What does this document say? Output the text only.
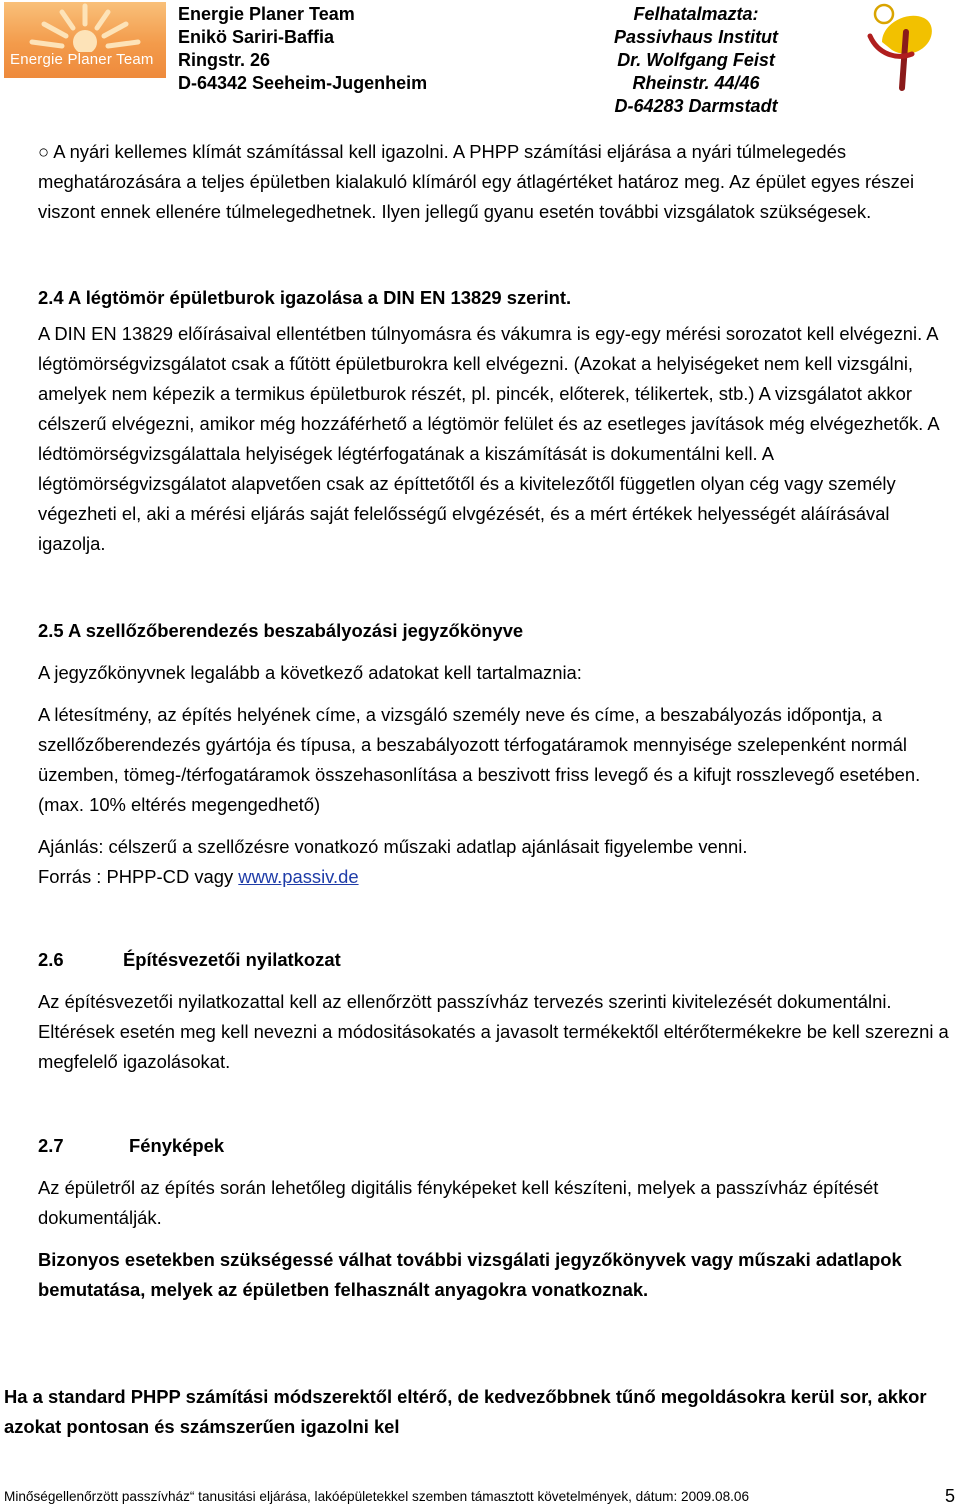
Energie Planer Team
Energie Planer Team
Enikö Sariri-Baffia
Ringstr. 26
D-64342 Seeheim-Jugenheim
Felhatalmazta:
Passivhaus Institut
Dr. Wolfgang Feist
Rheinstr. 44/46
D-64283 Darmstadt

○ A nyári kellemes klímát számítással kell igazolni. A PHPP számítási eljárása a nyári túlmelegedés meghatározására a teljes épületben kialakuló klímáról egy átlagértéket határoz meg. Az épület egyes részei viszont ennek ellenére túlmelegedhetnek. Ilyen jellegű gyanu esetén további vizsgálatok szükségesek.

2.4 A légtömör épületburok igazolása a DIN EN 13829 szerint.

A DIN EN 13829 előírásaival ellentétben túlnyomásra és vákumra is egy-egy mérési sorozatot kell elvégezni. A légtömörségvizsgálatot csak a fűtött épületburokra kell elvégezni. (Azokat a helyiségeket nem kell vizsgálni, amelyek nem képezik a termikus épületburok részét, pl. pincék, előterek, télikertek, stb.) A vizsgálatot akkor célszerű elvégezni, amikor még hozzáférhető a légtömör felület és az esetleges javítások még elvégezhetők. A lédtömörségvizsgálattala helyiségek légtérfogatának a kiszámítását is dokumentálni kell. A légtömörségvizsgálatot alapvetően csak az építtetőtől és a kivitelezőtől független olyan cég vagy személy végezheti el, aki a mérési eljárás saját felelősségű elvgézését, és a mért értékek helyességét aláírásával igazolja.

2.5 A szellőzőberendezés beszabályozási jegyzőkönyve

A jegyzőkönyvnek legalább a következő adatokat kell tartalmaznia:

A létesítmény, az építés helyének címe, a vizsgáló személy neve és címe, a beszabályozás időpontja, a szellőzőberendezés gyártója és típusa, a beszabályozott térfogatáramok mennyisége szelepenként normál üzemben, tömeg-/térfogatáramok összehasonlítása a beszivott friss levegő és a kifujt rosszlevegő esetében. (max. 10% eltérés megengedhető)

Ajánlás: célszerű a szellőzésre vonatkozó műszaki adatlap ajánlásait figyelembe venni.

Forrás : PHPP-CD vagy www.passiv.de

2.6	Építésvezetői nyilatkozat

Az építésvezetői nyilatkozattal kell az ellenőrzött passzívház tervezés szerinti kivitelezését dokumentálni. Eltérések esetén meg kell nevezni a módositásokatés a javasolt termékektől eltérőtermékekre be kell szerezni a megfelelő igazolásokat.

2.7	Fényképek

Az épületről az építés során lehetőleg digitális fényképeket kell készíteni, melyek a passzívház építését dokumentálják.

Bizonyos esetekben szükségessé válhat további vizsgálati jegyzőkönyvek vagy műszaki adatlapok bemutatása, melyek az épületben felhasznált anyagokra vonatkoznak.

Ha a standard PHPP számítási módszerektől eltérő, de kedvezőbbnek tűnő megoldásokra kerül sor, akkor azokat pontosan és számszerűen igazolni kel
Minőségellenőrzött passzívház“ tanusitási eljárása, lakóépületekkel szemben támasztott követelmények, dátum: 2009.08.06	5
